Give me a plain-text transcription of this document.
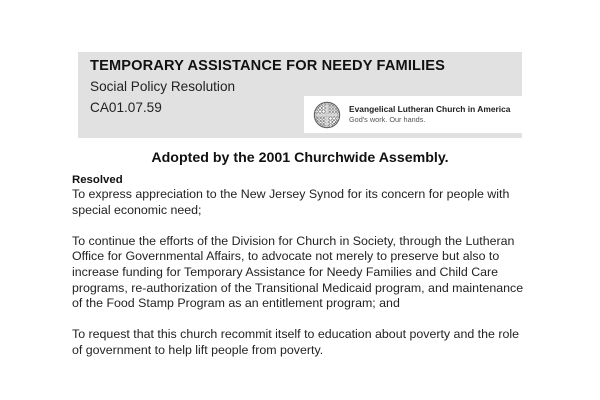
TEMPORARY ASSISTANCE FOR NEEDY FAMILIES
Social Policy Resolution
CA01.07.59	Evangelical Lutheran Church in America
God's work. Our hands.
Adopted by the 2001 Churchwide Assembly.
Resolved

To express appreciation to the New Jersey Synod for its concern for people with special economic need;

To continue the efforts of the Division for Church in Society, through the Lutheran Office for Governmental Affairs, to advocate not merely to preserve but also to increase funding for Temporary Assistance for Needy Families and Child Care programs, re-authorization of the Transitional Medicaid program, and maintenance of the Food Stamp Program as an entitlement program; and

To request that this church recommit itself to education about poverty and the role of government to help lift people from poverty.
